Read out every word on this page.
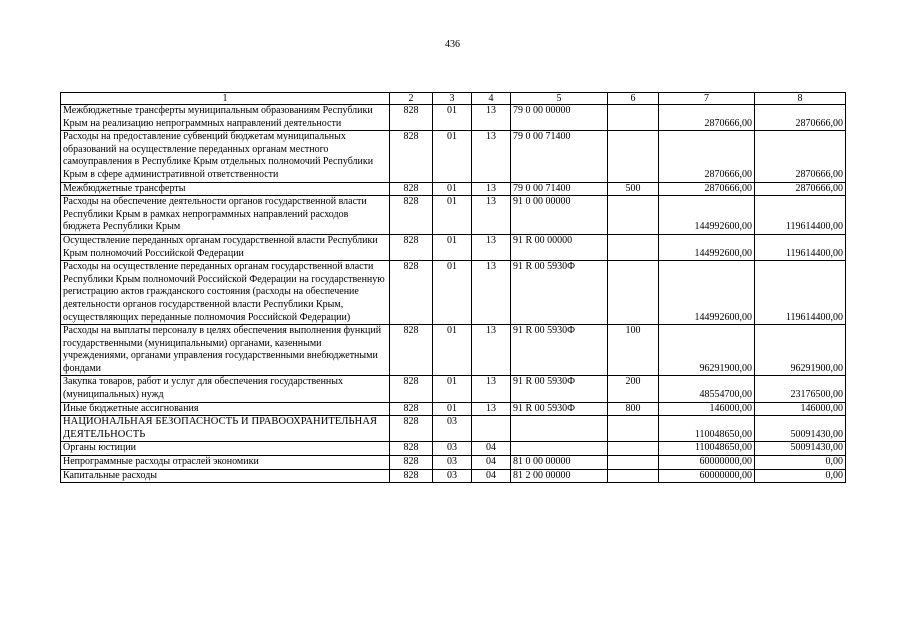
436
1	2	3	4	5	6	7	8
Межбюджетные трансферты муниципальным образованиям Республики Крым на реализацию непрограммных направлений деятельности	828	01	13	79 0 00 00000		2870666,00	2870666,00
Расходы на предоставление субвенций бюджетам муниципальных образований на осуществление переданных органам местного самоуправления в Республике Крым отдельных полномочий Республики Крым в сфере административной ответственности	828	01	13	79 0 00 71400		2870666,00	2870666,00
Межбюджетные трансферты	828	01	13	79 0 00 71400	500	2870666,00	2870666,00
Расходы на обеспечение деятельности органов государственной власти Республики Крым в рамках непрограммных направлений расходов бюджета Республики Крым	828	01	13	91 0 00 00000		144992600,00	119614400,00
Осуществление переданных органам государственной власти Республики Крым полномочий Российской Федерации	828	01	13	91 R 00 00000		144992600,00	119614400,00
Расходы на осуществление переданных органам государственной власти Республики Крым полномочий Российской Федерации на государственную регистрацию актов гражданского состояния (расходы на обеспечение деятельности органов государственной власти Республики Крым, осуществляющих переданные полномочия Российской Федерации)	828	01	13	91 R 00 5930Ф		144992600,00	119614400,00
Расходы на выплаты персоналу в целях обеспечения выполнения функций государственными (муниципальными) органами, казенными учреждениями, органами управления государственными внебюджетными фондами	828	01	13	91 R 00 5930Ф	100	96291900,00	96291900,00
Закупка товаров, работ и услуг для обеспечения государственных (муниципальных) нужд	828	01	13	91 R 00 5930Ф	200	48554700,00	23176500,00
Иные бюджетные ассигнования	828	01	13	91 R 00 5930Ф	800	146000,00	146000,00
НАЦИОНАЛЬНАЯ БЕЗОПАСНОСТЬ И ПРАВООХРАНИТЕЛЬНАЯ ДЕЯТЕЛЬНОСТЬ	828	03				110048650,00	50091430,00
Органы юстиции	828	03	04			110048650,00	50091430,00
Непрограммные расходы отраслей экономики	828	03	04	81 0 00 00000		60000000,00	0,00
Капитальные расходы	828	03	04	81 2 00 00000		60000000,00	0,00
